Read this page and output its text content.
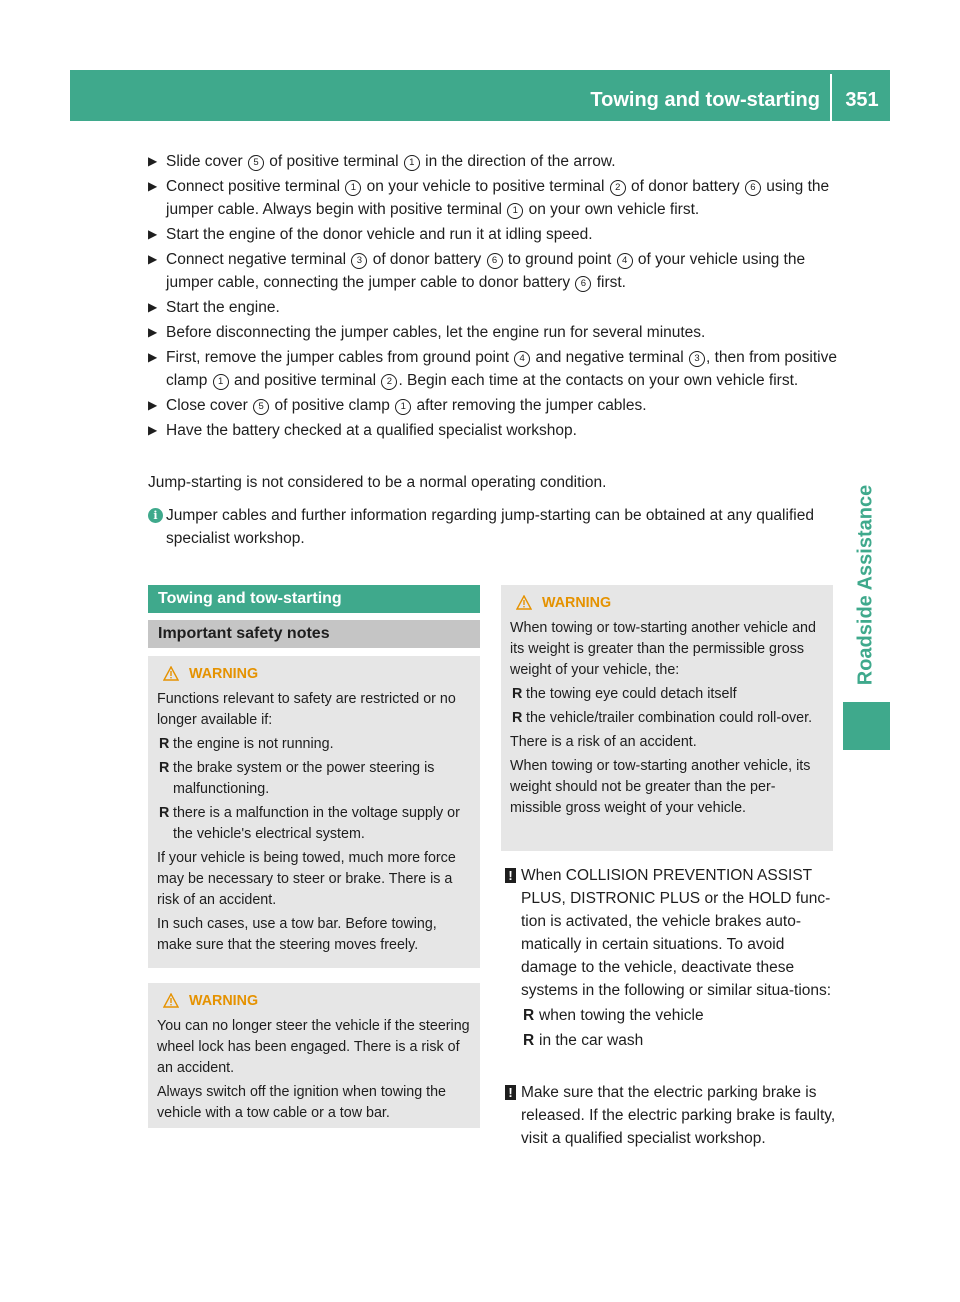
Towing and tow-starting	351
Roadside Assistance
▶ Slide cover 5 of positive terminal 1 in the direction of the arrow.
▶ Connect positive terminal 1 on your vehicle to positive terminal 2 of donor battery 6 using the jumper cable. Always begin with positive terminal 1 on your own vehicle first.
▶ Start the engine of the donor vehicle and run it at idling speed.
▶ Connect negative terminal 3 of donor battery 6 to ground point 4 of your vehicle using the jumper cable, connecting the jumper cable to donor battery 6 first.
▶ Start the engine.
▶ Before disconnecting the jumper cables, let the engine run for several minutes.
▶ First, remove the jumper cables from ground point 4 and negative terminal 3 , then from positive clamp 1 and positive terminal 2 . Begin each time at the contacts on your own vehicle first.
▶ Close cover 5 of positive clamp 1 after removing the jumper cables.
▶ Have the battery checked at a qualified specialist workshop.
Jump-starting is not considered to be a normal operating condition.
i Jumper cables and further information regarding jump-starting can be obtained at any qualified specialist workshop.
Towing and tow-starting
Important safety notes
WARNING

Functions relevant to safety are restricted or no longer available if:

R the engine is not running.
R the brake system or the power steering is malfunctioning.
R there is a malfunction in the voltage supply or the vehicle's electrical system.

If your vehicle is being towed, much more force may be necessary to steer or brake. There is a risk of an accident.

In such cases, use a tow bar. Before towing, make sure that the steering moves freely.

WARNING

You can no longer steer the vehicle if the steering wheel lock has been engaged. There is a risk of an accident.

Always switch off the ignition when towing the vehicle with a tow cable or a tow bar.

WARNING

When towing or tow-starting another vehicle and its weight is greater than the permissible gross weight of your vehicle, the:

R the towing eye could detach itself
R the vehicle/trailer combination could roll-over.

There is a risk of an accident.

When towing or tow-starting another vehicle, its weight should not be greater than the per-missible gross weight of your vehicle.

! When COLLISION PREVENTION ASSIST PLUS, DISTRONIC PLUS or the HOLD func-tion is activated, the vehicle brakes auto-matically in certain situations. To avoid damage to the vehicle, deactivate these systems in the following or similar situa-tions:
R when towing the vehicle
R in the car wash
! Make sure that the electric parking brake is released. If the electric parking brake is faulty, visit a qualified specialist workshop.
